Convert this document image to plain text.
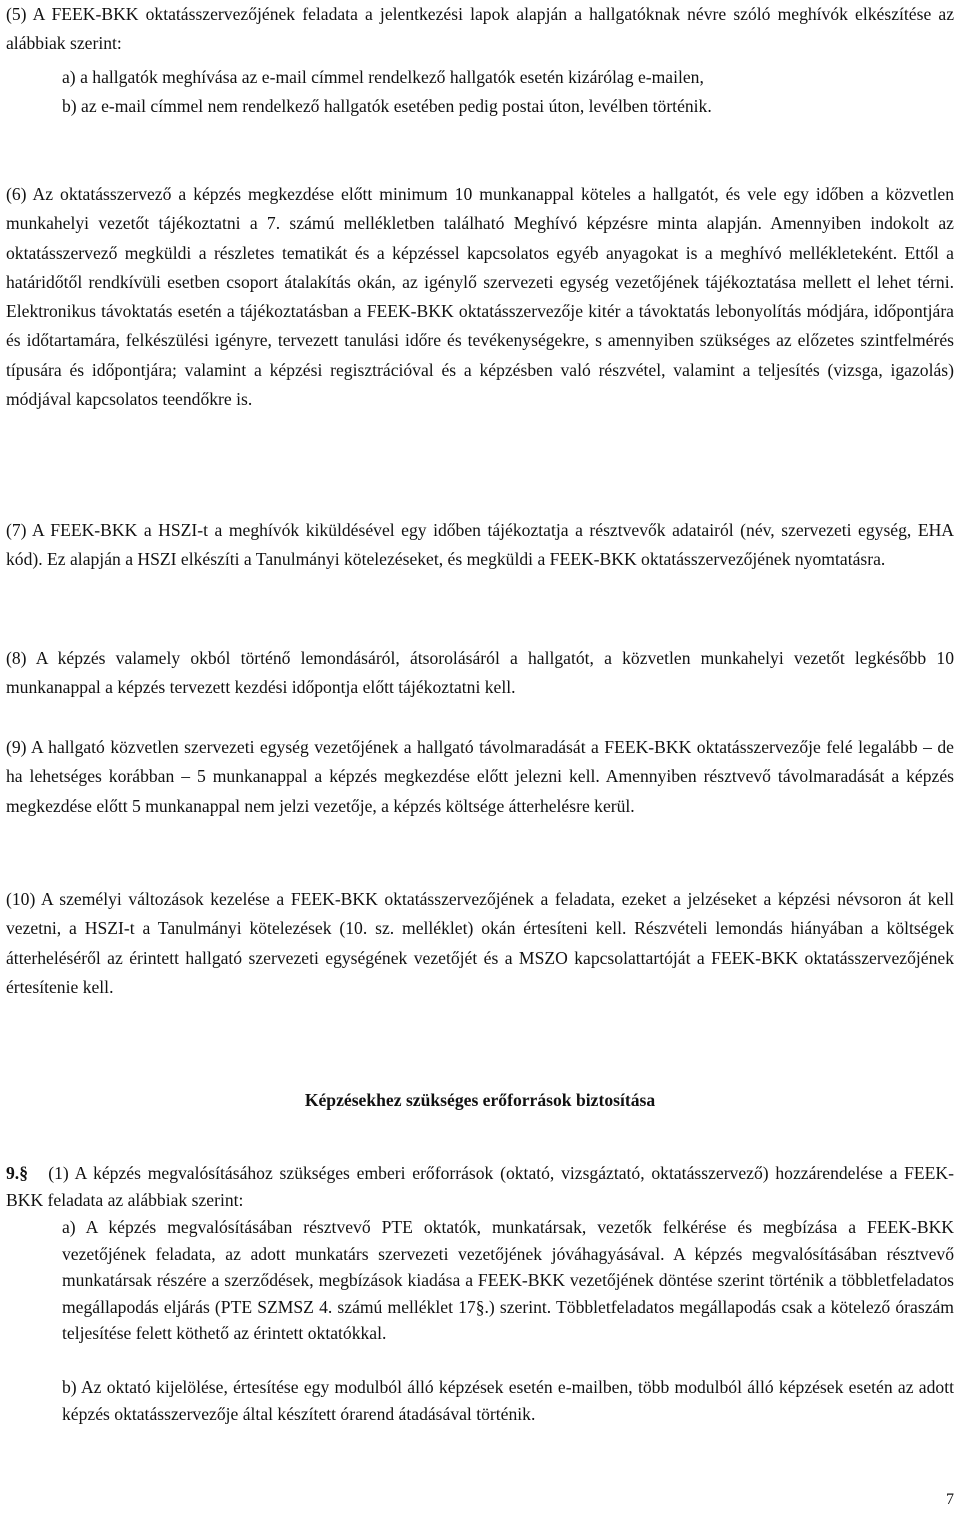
(5) A FEEK-BKK oktatásszervezőjének feladata a jelentkezési lapok alapján a hallgatóknak névre szóló meghívók elkészítése az alábbiak szerint:

a) a hallgatók meghívása az e-mail címmel rendelkező hallgatók esetén kizárólag e-mailen,

b) az e-mail címmel nem rendelkező hallgatók esetében pedig postai úton, levélben történik.

(6) Az oktatásszervező a képzés megkezdése előtt minimum 10 munkanappal köteles a hallgatót, és vele egy időben a közvetlen munkahelyi vezetőt tájékoztatni a 7. számú mellékletben található Meghívó képzésre minta alapján. Amennyiben indokolt az oktatásszervező megküldi a részletes tematikát és a képzéssel kapcsolatos egyéb anyagokat is a meghívó mellékleteként. Ettől a határidőtől rendkívüli esetben csoport átalakítás okán, az igénylő szervezeti egység vezetőjének tájékoztatása mellett el lehet térni. Elektronikus távoktatás esetén a tájékoztatásban a FEEK-BKK oktatásszervezője kitér a távoktatás lebonyolítás módjára, időpontjára és időtartamára, felkészülési igényre, tervezett tanulási időre és tevékenységekre, s amennyiben szükséges az előzetes szintfelmérés típusára és időpontjára; valamint a képzési regisztrációval és a képzésben való részvétel, valamint a teljesítés (vizsga, igazolás) módjával kapcsolatos teendőkre is.

(7) A FEEK-BKK a HSZI-t a meghívók kiküldésével egy időben tájékoztatja a résztvevők adatairól (név, szervezeti egység, EHA kód). Ez alapján a HSZI elkészíti a Tanulmányi kötelezéseket, és megküldi a FEEK-BKK oktatásszervezőjének nyomtatásra.

(8) A képzés valamely okból történő lemondásáról, átsorolásáról a hallgatót, a közvetlen munkahelyi vezetőt legkésőbb 10 munkanappal a képzés tervezett kezdési időpontja előtt tájékoztatni kell.

(9) A hallgató közvetlen szervezeti egység vezetőjének a hallgató távolmaradását a FEEK-BKK oktatásszervezője felé legalább – de ha lehetséges korábban – 5 munkanappal a képzés megkezdése előtt jelezni kell. Amennyiben résztvevő távolmaradását a képzés megkezdése előtt 5 munkanappal nem jelzi vezetője, a képzés költsége átterhelésre kerül.

(10) A személyi változások kezelése a FEEK-BKK oktatásszervezőjének a feladata, ezeket a jelzéseket a képzési névsoron át kell vezetni, a HSZI-t a Tanulmányi kötelezések (10. sz. melléklet) okán értesíteni kell. Részvételi lemondás hiányában a költségek átterheléséről az érintett hallgató szervezeti egységének vezetőjét és a MSZO kapcsolattartóját a FEEK-BKK oktatásszervezőjének értesítenie kell.

Képzésekhez szükséges erőforrások biztosítása

9.§ (1) A képzés megvalósításához szükséges emberi erőforrások (oktató, vizsgáztató, oktatásszervező) hozzárendelése a FEEK-BKK feladata az alábbiak szerint:

a) A képzés megvalósításában résztvevő PTE oktatók, munkatársak, vezetők felkérése és megbízása a FEEK-BKK vezetőjének feladata, az adott munkatárs szervezeti vezetőjének jóváhagyásával. A képzés megvalósításában résztvevő munkatársak részére a szerződések, megbízások kiadása a FEEK-BKK vezetőjének döntése szerint történik a többletfeladatos megállapodás eljárás (PTE SZMSZ 4. számú melléklet 17§.) szerint. Többletfeladatos megállapodás csak a kötelező óraszám teljesítése felett köthető az érintett oktatókkal.

b) Az oktató kijelölése, értesítése egy modulból álló képzések esetén e-mailben, több modulból álló képzések esetén az adott képzés oktatásszervezője által készített órarend átadásával történik.

7
